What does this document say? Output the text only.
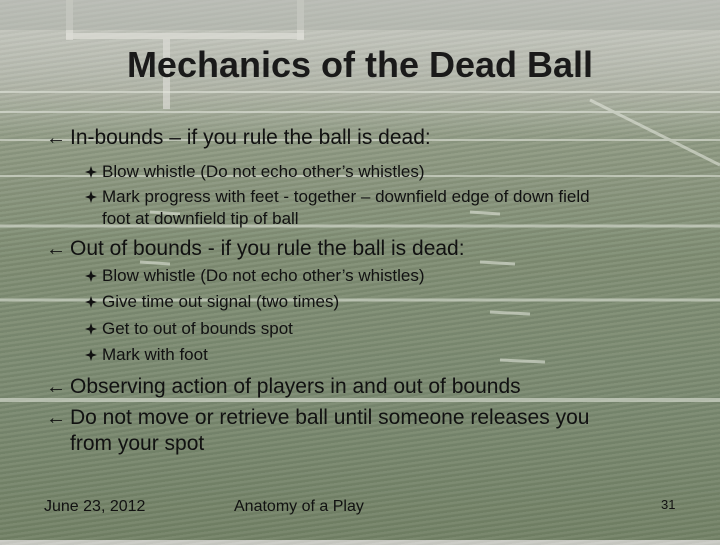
Mechanics of the Dead Ball
← In-bounds – if you rule the ball is dead:
Blow whistle (Do not echo other’s whistles)
Mark progress with feet - together – downfield edge of down field
foot at downfield tip of ball
← Out of bounds - if you rule the ball is dead:
Blow whistle (Do not echo other’s whistles)
Give time out signal (two times)
Get to out of bounds spot
Mark with foot
← Observing action of players in and out of bounds
← Do not move or retrieve ball until someone releases you
from your spot
June 23, 2012	Anatomy of a Play	31
